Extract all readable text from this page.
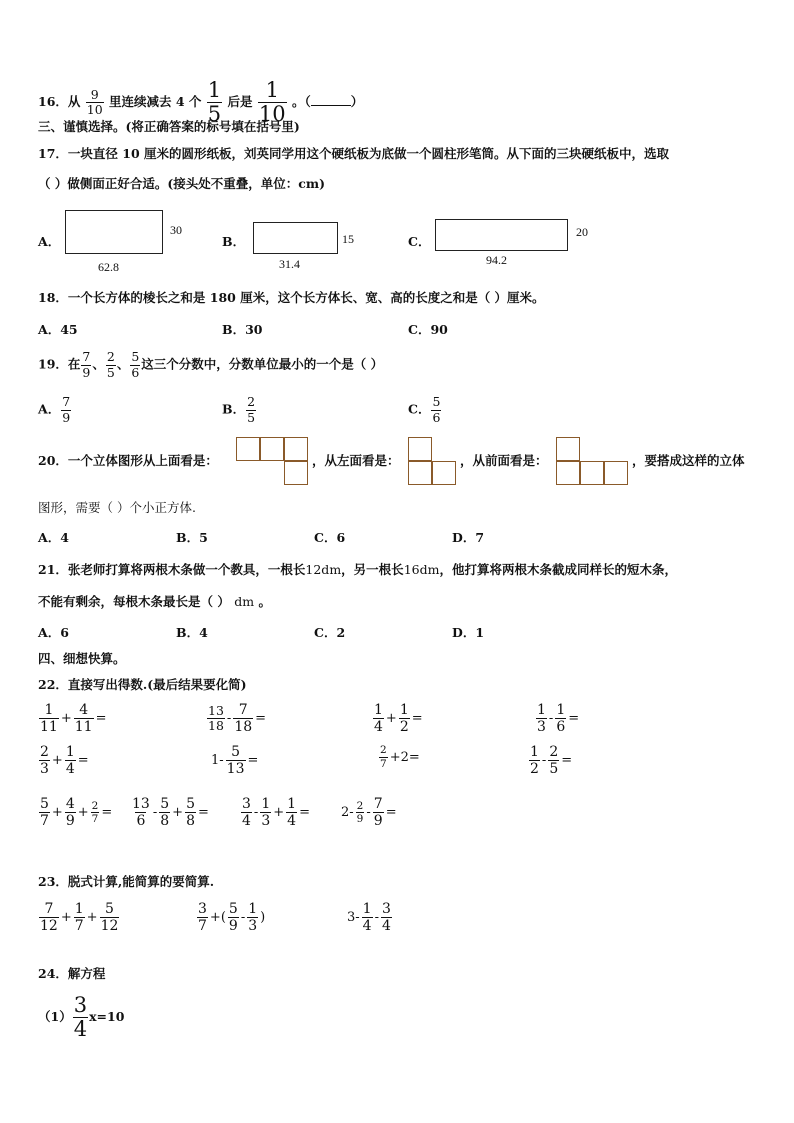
16．从 $\frac{9}{10}$ 里连续减去 4 个 $\frac{1}{5}$ 后是 $\frac{1}{10}$ 。（	）
三、谨慎选择。(将正确答案的标号填在括号里)
17．一块直径 10 厘米的圆形纸板，刘英同学用这个硬纸板为底做一个圆柱形笔筒。从下面的三块硬纸板中，选取
（ ）做侧面正好合适。(接头处不重叠，单位：cm)
A．
30
62.8
B．	15
31.4
C．
20
94.2
18．一个长方体的棱长之和是 180 厘米，这个长方体长、宽、高的长度之和是（ ）厘米。
A．45	B．30	C．90
19．在 $\frac{7}{9}$ 、 $\frac{2}{5}$ 、 $\frac{5}{6}$ 这三个分数中，分数单位最小的一个是（ ）
A． $\frac{7}{9}$	B． $\frac{2}{5}$	C． $\frac{5}{6}$
20．一个立体图形从上面看是：	，从左面看是：	，从前面看是：	，要搭成这样的立体
图形，需要（ ）个小正方体.
A．4	B．5	C．6	D．7
21．张老师打算将两根木条做一个教具，一根长12dm，另一根长16dm，他打算将两根木条截成同样长的短木条，
不能有剩余，每根木条最长是（ ） dm 。
A．6	B．4	C．2	D．1
四、细想快算。
22．直接写出得数.(最后结果要化简)
$\frac{1}{11} + \frac{4}{11}$ =	$\frac{13}{18} - \frac{7}{18}$ =	$\frac{1}{4} + \frac{1}{2}$ =	$\frac{1}{3} - \frac{1}{6}$ =
$\frac{2}{3} + \frac{1}{4}$ =	$1- \frac{5}{13}$ =	$\frac{2}{7} +2=$	$\frac{1}{2} - \frac{2}{5}$ =
$\frac{5}{7} + \frac{4}{9} + \frac{2}{7} = \frac{13}{6} - \frac{5}{8} + \frac{5}{8} = \frac{3}{4} - \frac{1}{3} + \frac{1}{4} = 2- \frac{2}{9} - \frac{7}{9}$ =
23．脱式计算,能简算的要简算.
$\frac{7}{12} + \frac{1}{7} + \frac{5}{12}$	$\frac{3}{7}$ +( $\frac{5}{9} - \frac{1}{3}$ )	$3- \frac{1}{4} - \frac{3}{4}$
24．解方程
$(1) \frac{3}{4} x=10$
